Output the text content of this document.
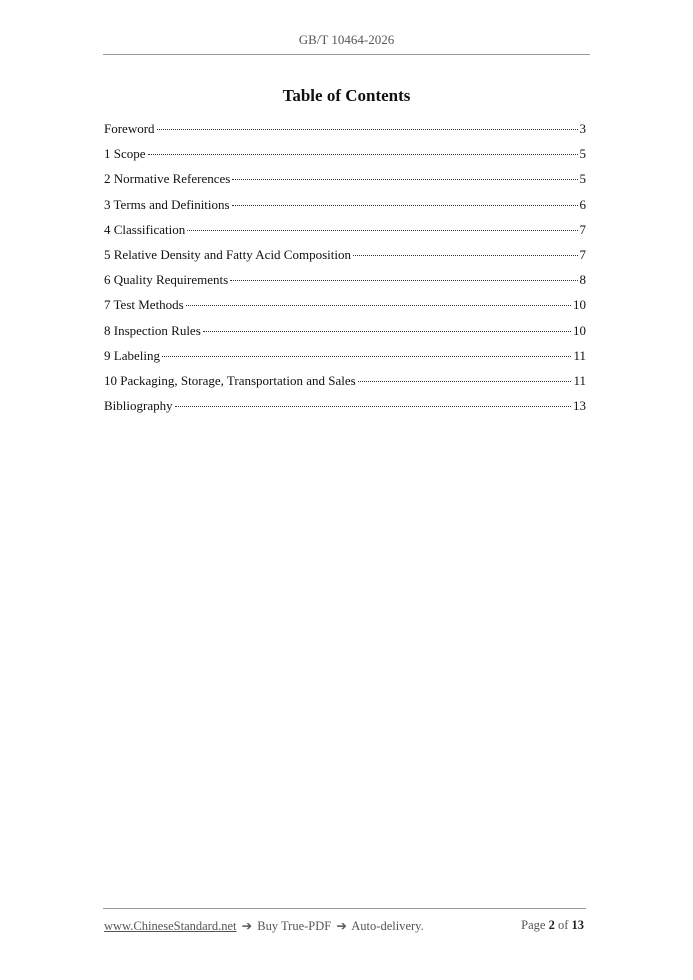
GB/T 10464-2026
Table of Contents
Foreword	3
1 Scope	5
2 Normative References	5
3 Terms and Definitions	6
4 Classification	7
5 Relative Density and Fatty Acid Composition	7
6 Quality Requirements	8
7 Test Methods	10
8 Inspection Rules	10
9 Labeling	11
10 Packaging, Storage, Transportation and Sales	11
Bibliography	13
www.ChineseStandard.net ➔ Buy True-PDF ➔ Auto-delivery.	Page 2 of 13
